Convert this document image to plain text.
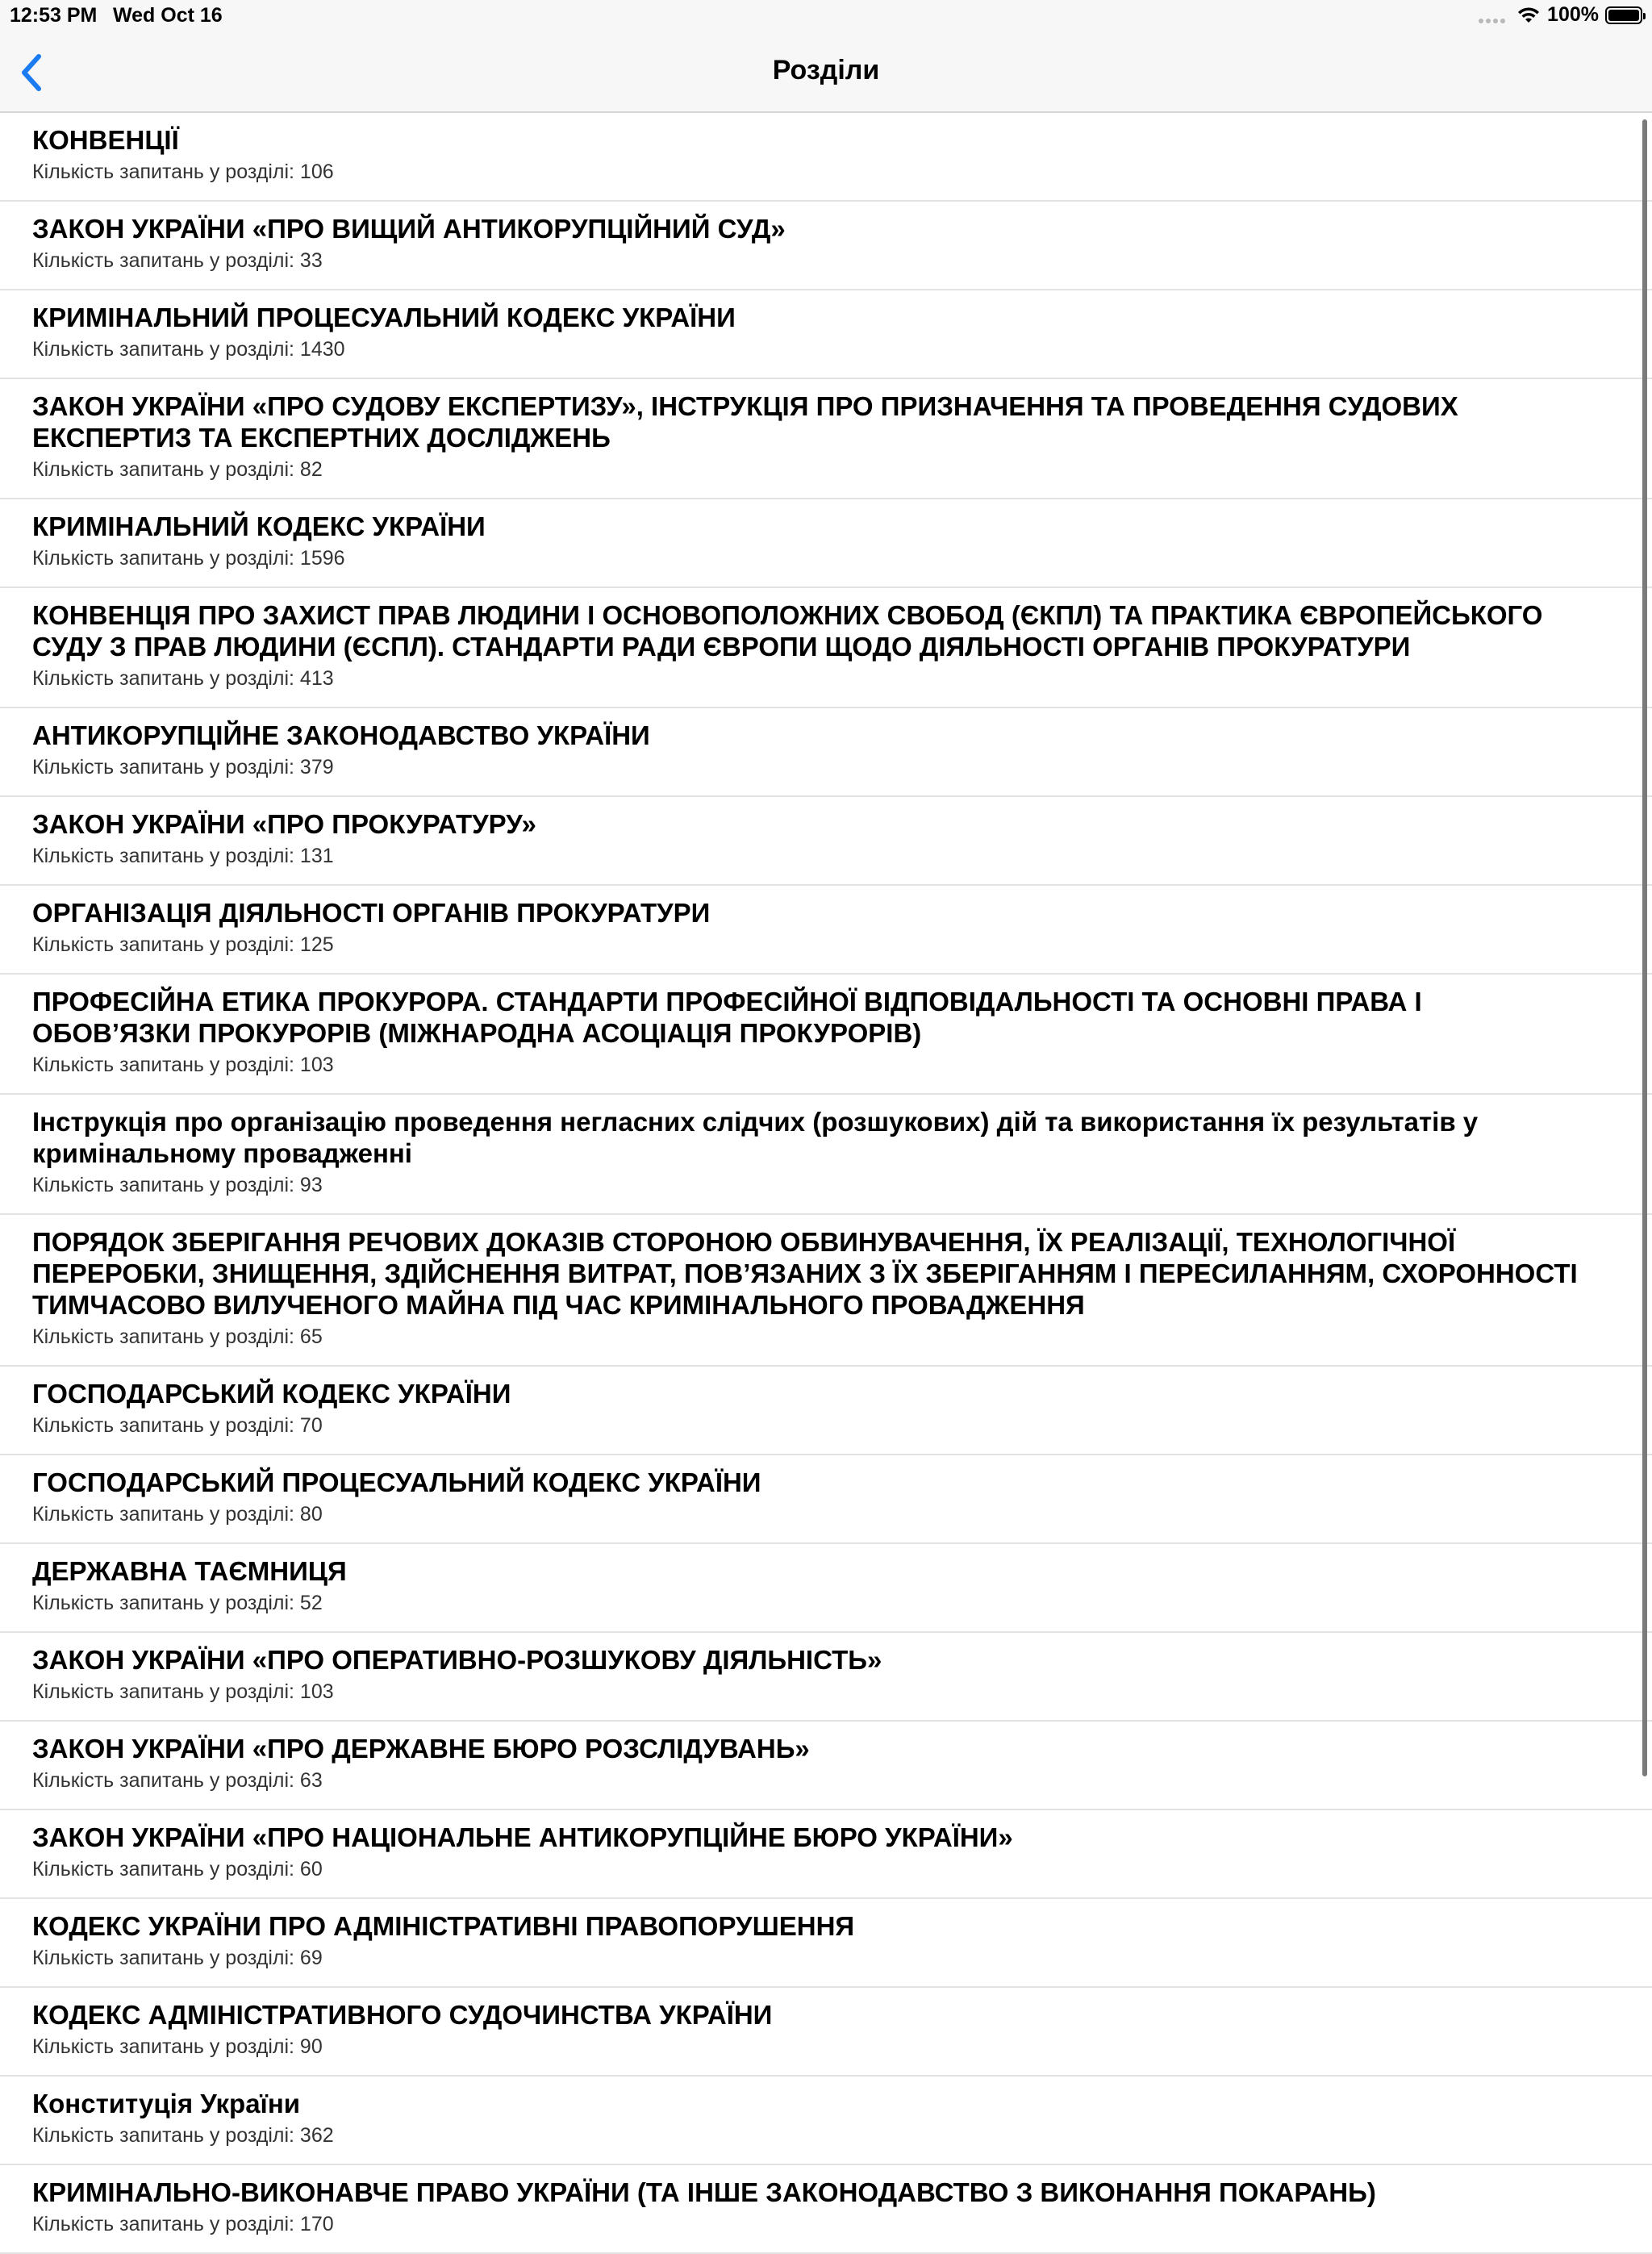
12:53 PM Wed Oct 16	100%
Розділи
КОНВЕНЦІЇ
Кількість запитань у розділі: 106
ЗАКОН УКРАЇНИ «ПРО ВИЩИЙ АНТИКОРУПЦІЙНИЙ СУД»
Кількість запитань у розділі: 33
КРИМІНАЛЬНИЙ ПРОЦЕСУАЛЬНИЙ КОДЕКС УКРАЇНИ
Кількість запитань у розділі: 1430
ЗАКОН УКРАЇНИ «ПРО СУДОВУ ЕКСПЕРТИЗУ», ІНСТРУКЦІЯ ПРО ПРИЗНАЧЕННЯ ТА ПРОВЕДЕННЯ СУДОВИХ ЕКСПЕРТИЗ ТА ЕКСПЕРТНИХ ДОСЛІДЖЕНЬ
Кількість запитань у розділі: 82
КРИМІНАЛЬНИЙ КОДЕКС УКРАЇНИ
Кількість запитань у розділі: 1596
КОНВЕНЦІЯ ПРО ЗАХИСТ ПРАВ ЛЮДИНИ І ОСНОВОПОЛОЖНИХ СВОБОД (ЄКПЛ) ТА ПРАКТИКА ЄВРОПЕЙСЬКОГО СУДУ З ПРАВ ЛЮДИНИ (ЄСПЛ). СТАНДАРТИ РАДИ ЄВРОПИ ЩОДО ДІЯЛЬНОСТІ ОРГАНІВ ПРОКУРАТУРИ
Кількість запитань у розділі: 413
АНТИКОРУПЦІЙНЕ ЗАКОНОДАВСТВО УКРАЇНИ
Кількість запитань у розділі: 379
ЗАКОН УКРАЇНИ «ПРО ПРОКУРАТУРУ»
Кількість запитань у розділі: 131
ОРГАНІЗАЦІЯ ДІЯЛЬНОСТІ ОРГАНІВ ПРОКУРАТУРИ
Кількість запитань у розділі: 125
ПРОФЕСІЙНА ЕТИКА ПРОКУРОРА. СТАНДАРТИ ПРОФЕСІЙНОЇ ВІДПОВІДАЛЬНОСТІ ТА ОСНОВНІ ПРАВА І ОБОВ’ЯЗКИ ПРОКУРОРІВ (МІЖНАРОДНА АСОЦІАЦІЯ ПРОКУРОРІВ)
Кількість запитань у розділі: 103
Інструкція про організацію проведення негласних слідчих (розшукових) дій та використання їх результатів у кримінальному провадженні
Кількість запитань у розділі: 93
ПОРЯДОК ЗБЕРІГАННЯ РЕЧОВИХ ДОКАЗІВ СТОРОНОЮ ОБВИНУВАЧЕННЯ, ЇХ РЕАЛІЗАЦІЇ, ТЕХНОЛОГІЧНОЇ ПЕРЕРОБКИ, ЗНИЩЕННЯ, ЗДІЙСНЕННЯ ВИТРАТ, ПОВ’ЯЗАНИХ З ЇХ ЗБЕРІГАННЯМ І ПЕРЕСИЛАННЯМ, СХОРОННОСТІ ТИМЧАСОВО ВИЛУЧЕНОГО МАЙНА ПІД ЧАС КРИМІНАЛЬНОГО ПРОВАДЖЕННЯ
Кількість запитань у розділі: 65
ГОСПОДАРСЬКИЙ КОДЕКС УКРАЇНИ
Кількість запитань у розділі: 70
ГОСПОДАРСЬКИЙ ПРОЦЕСУАЛЬНИЙ КОДЕКС УКРАЇНИ
Кількість запитань у розділі: 80
ДЕРЖАВНА ТАЄМНИЦЯ
Кількість запитань у розділі: 52
ЗАКОН УКРАЇНИ «ПРО ОПЕРАТИВНО-РОЗШУКОВУ ДІЯЛЬНІСТЬ»
Кількість запитань у розділі: 103
ЗАКОН УКРАЇНИ «ПРО ДЕРЖАВНЕ БЮРО РОЗСЛІДУВАНЬ»
Кількість запитань у розділі: 63
ЗАКОН УКРАЇНИ «ПРО НАЦІОНАЛЬНЕ АНТИКОРУПЦІЙНЕ БЮРО УКРАЇНИ»
Кількість запитань у розділі: 60
КОДЕКС УКРАЇНИ ПРО АДМІНІСТРАТИВНІ ПРАВОПОРУШЕННЯ
Кількість запитань у розділі: 69
КОДЕКС АДМІНІСТРАТИВНОГО СУДОЧИНСТВА УКРАЇНИ
Кількість запитань у розділі: 90
Конституція України
Кількість запитань у розділі: 362
КРИМІНАЛЬНО-ВИКОНАВЧЕ ПРАВО УКРАЇНИ (ТА ІНШЕ ЗАКОНОДАВСТВО З ВИКОНАННЯ ПОКАРАНЬ)
Кількість запитань у розділі: 170
